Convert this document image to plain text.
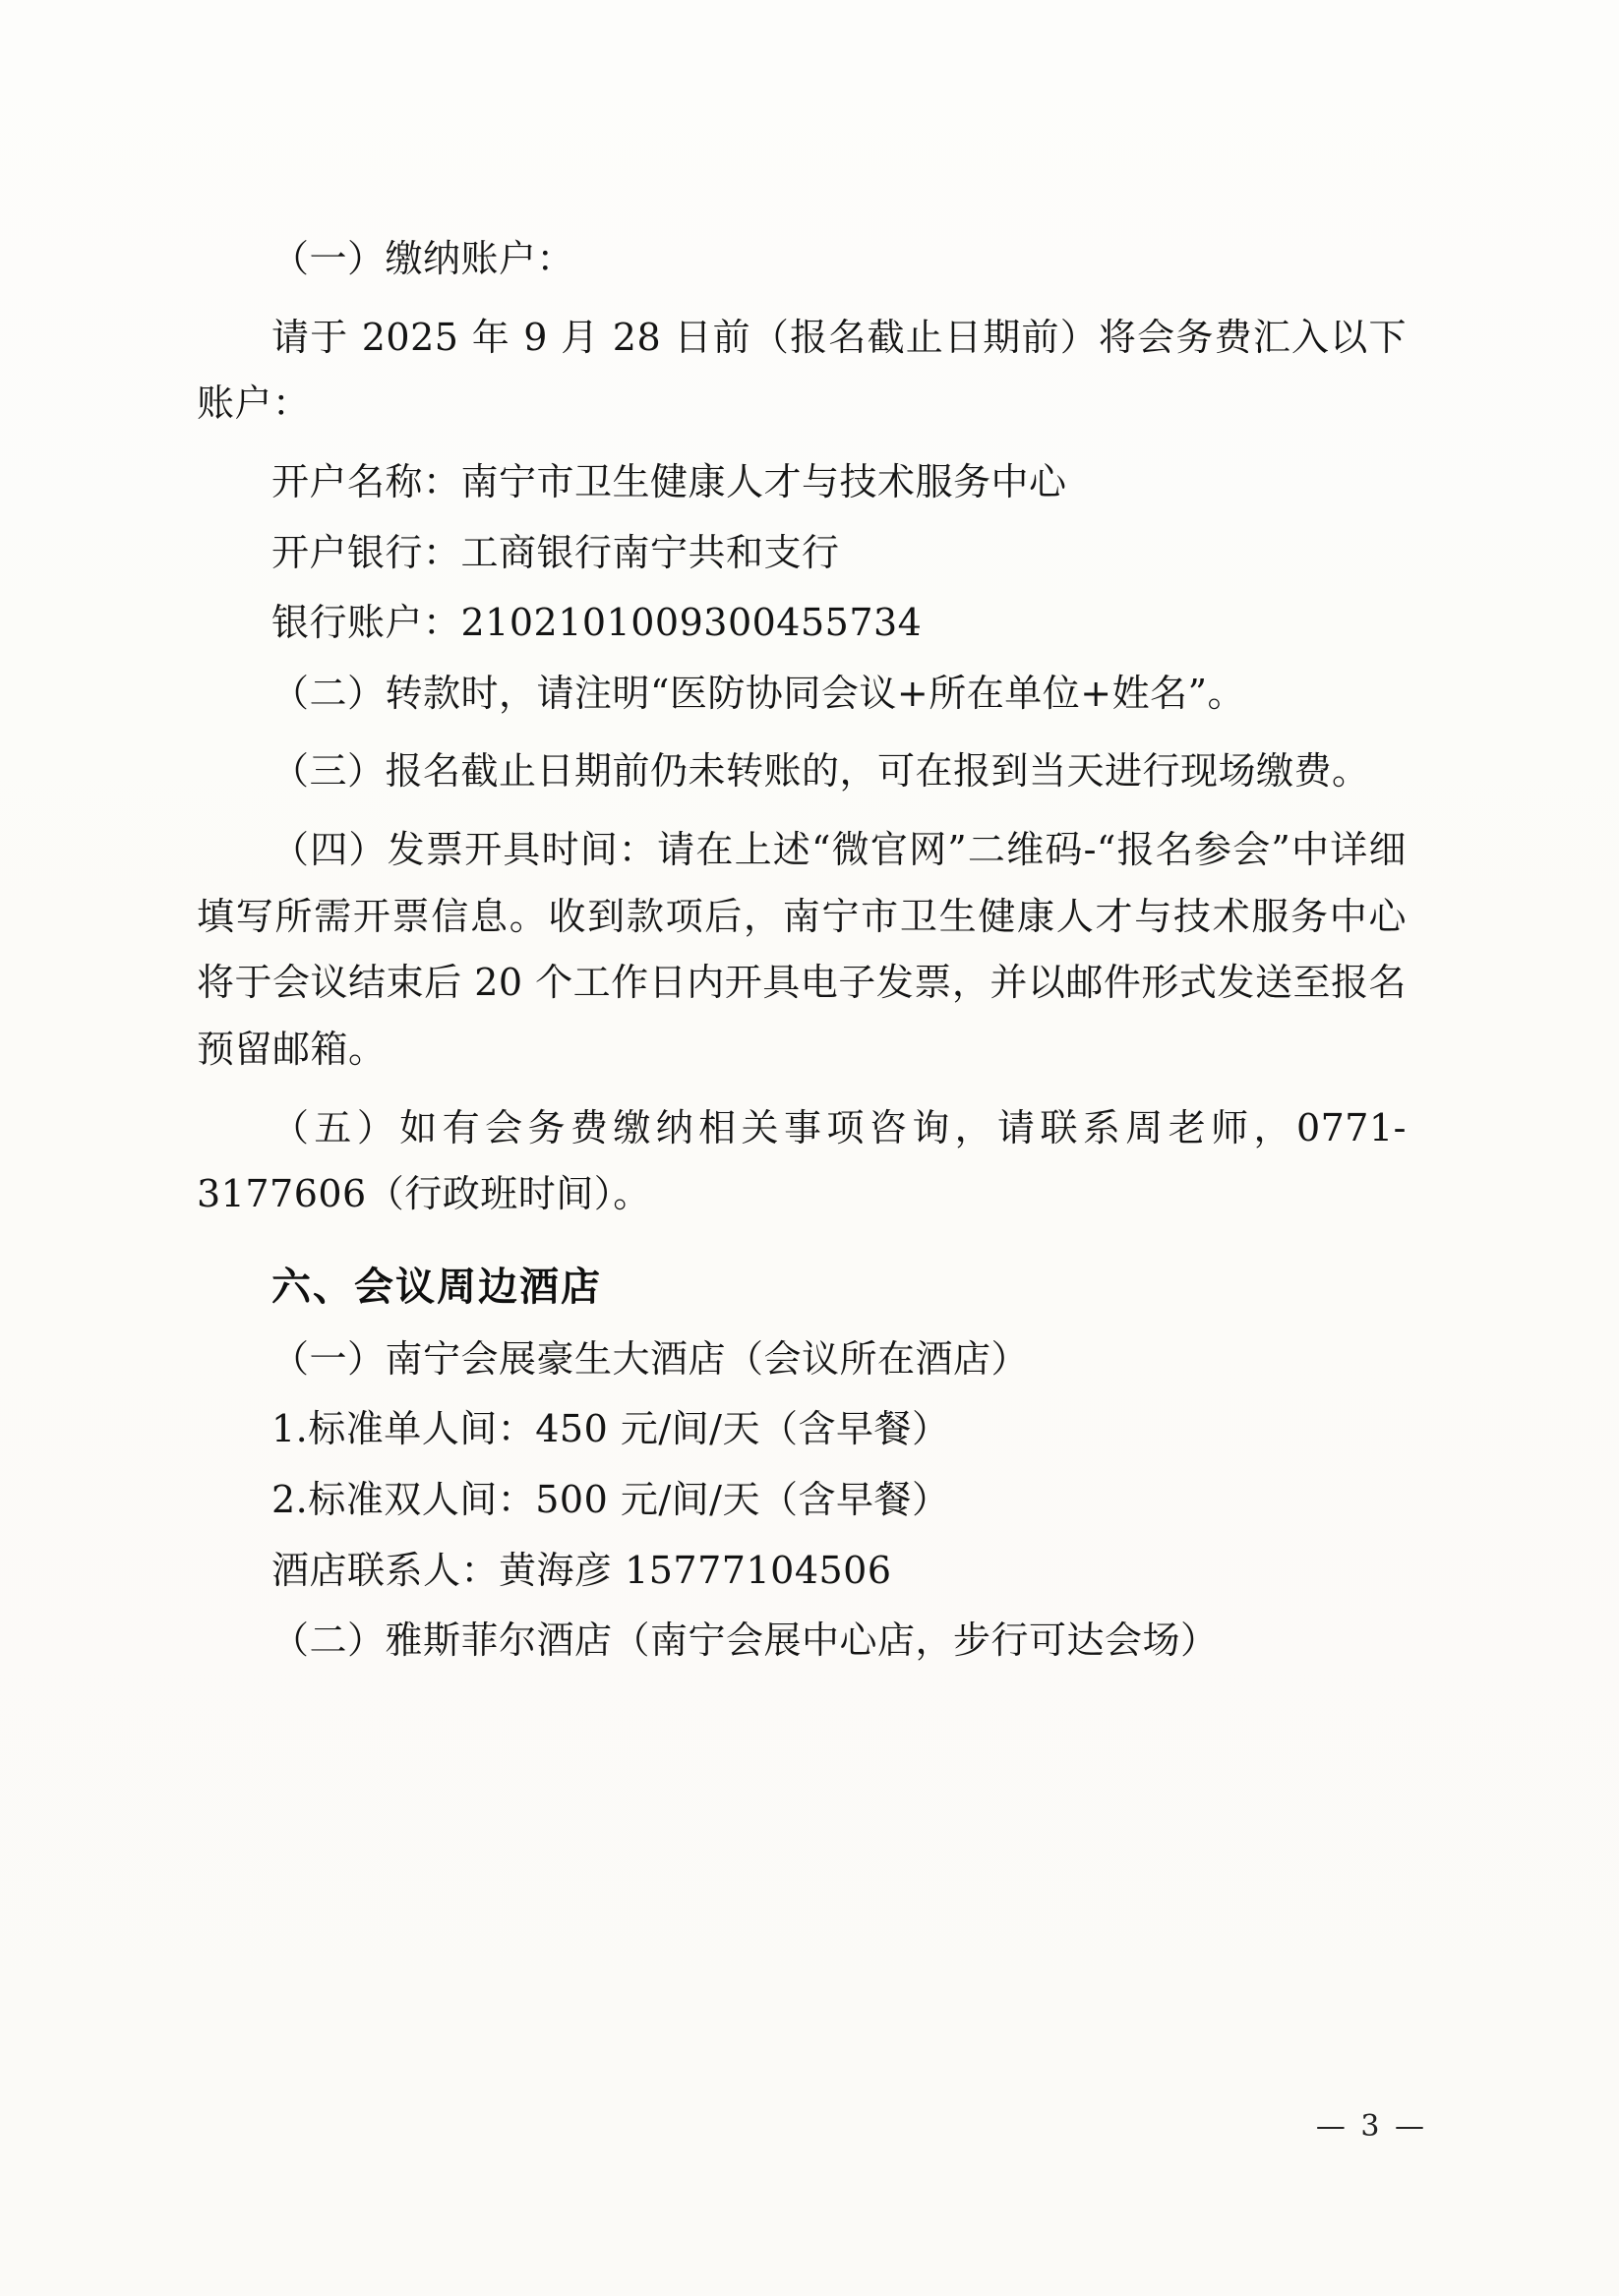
（一）缴纳账户：

请于 2025 年 9 月 28 日前（报名截止日期前）将会务费汇入以下账户：

开户名称：南宁市卫生健康人才与技术服务中心

开户银行：工商银行南宁共和支行

银行账户：2102101009300455734

（二）转款时，请注明“医防协同会议+所在单位+姓名”。

（三）报名截止日期前仍未转账的，可在报到当天进行现场缴费。

（四）发票开具时间：请在上述“微官网”二维码-“报名参会”中详细填写所需开票信息。收到款项后，南宁市卫生健康人才与技术服务中心将于会议结束后 20 个工作日内开具电子发票，并以邮件形式发送至报名预留邮箱。

（五）如有会务费缴纳相关事项咨询，请联系周老师，0771-3177606（行政班时间）。

六、会议周边酒店

（一）南宁会展豪生大酒店（会议所在酒店）

1.标准单人间：450 元/间/天（含早餐）

2.标准双人间：500 元/间/天（含早餐）

酒店联系人：黄海彦 15777104506

（二）雅斯菲尔酒店（南宁会展中心店，步行可达会场）

— 3 —
